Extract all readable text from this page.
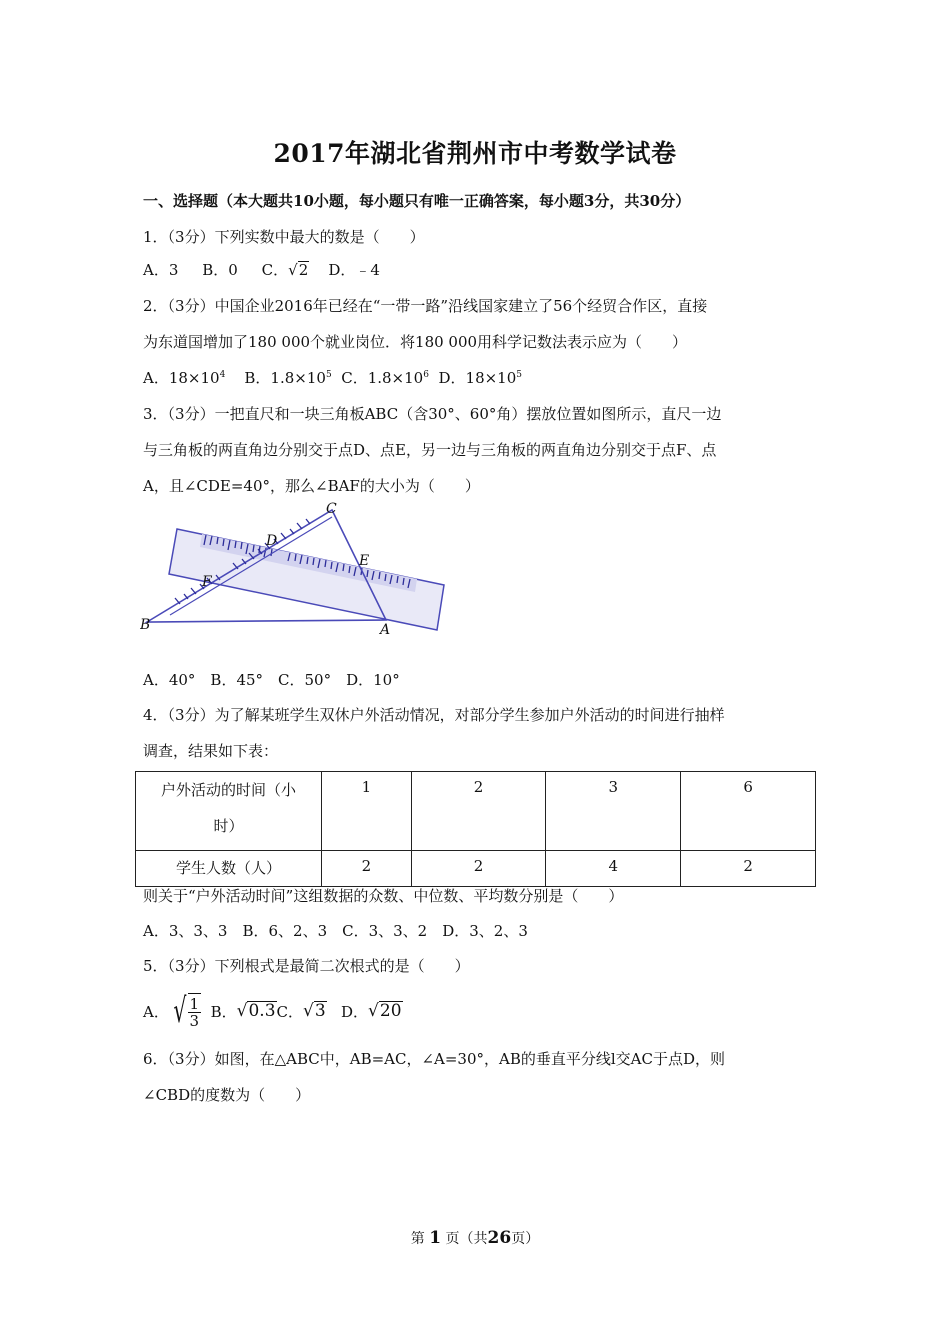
2017年湖北省荆州市中考数学试卷
一、选择题（本大题共10小题，每小题只有唯一正确答案，每小题3分，共30分）
1．（3分）下列实数中最大的数是（　　）
A．3 B．0 C．√2 D．﹣4
2．（3分）中国企业2016年已经在“一带一路”沿线国家建立了56个经贸合作区，直接
为东道国增加了180 000个就业岗位．将180 000用科学记数法表示应为（　　）
A．$18\times 10^4$ B．$1.8\times 10^5$ C．$1.8\times 10^6$ D．$18\times 10^5$
3．（3分）一把直尺和一块三角板ABC（含30°、60°角）摆放位置如图所示，直尺一边
与三角板的两直角边分别交于点D、点E，另一边与三角板的两直角边分别交于点F、点
A，且∠CDE=40°，那么∠BAF的大小为（　　）
C
D
E
F
B	A
A．40°　B．45°　C．50°　D．10°
4．（3分）为了解某班学生双休户外活动情况，对部分学生参加户外活动的时间进行抽样
调查，结果如下表：
户外活动的时间（小
时）	1	2	3	6
学生人数（人）	2	2	4	2
则关于“户外活动时间”这组数据的众数、中位数、平均数分别是（　　）
A．3、3、3　B．6、2、3　C．3、3、2　D．3、2、3
5．（3分）下列根式是最简二次根式的是（　　）
A． √ $\frac{1}{3}$
B． √0.3 C． √3
D． √20
6．（3分）如图，在△ABC中，AB=AC，∠A=30°，AB的垂直平分线l交AC于点D，则
∠CBD的度数为（　　）
第 1 页（共26页）
